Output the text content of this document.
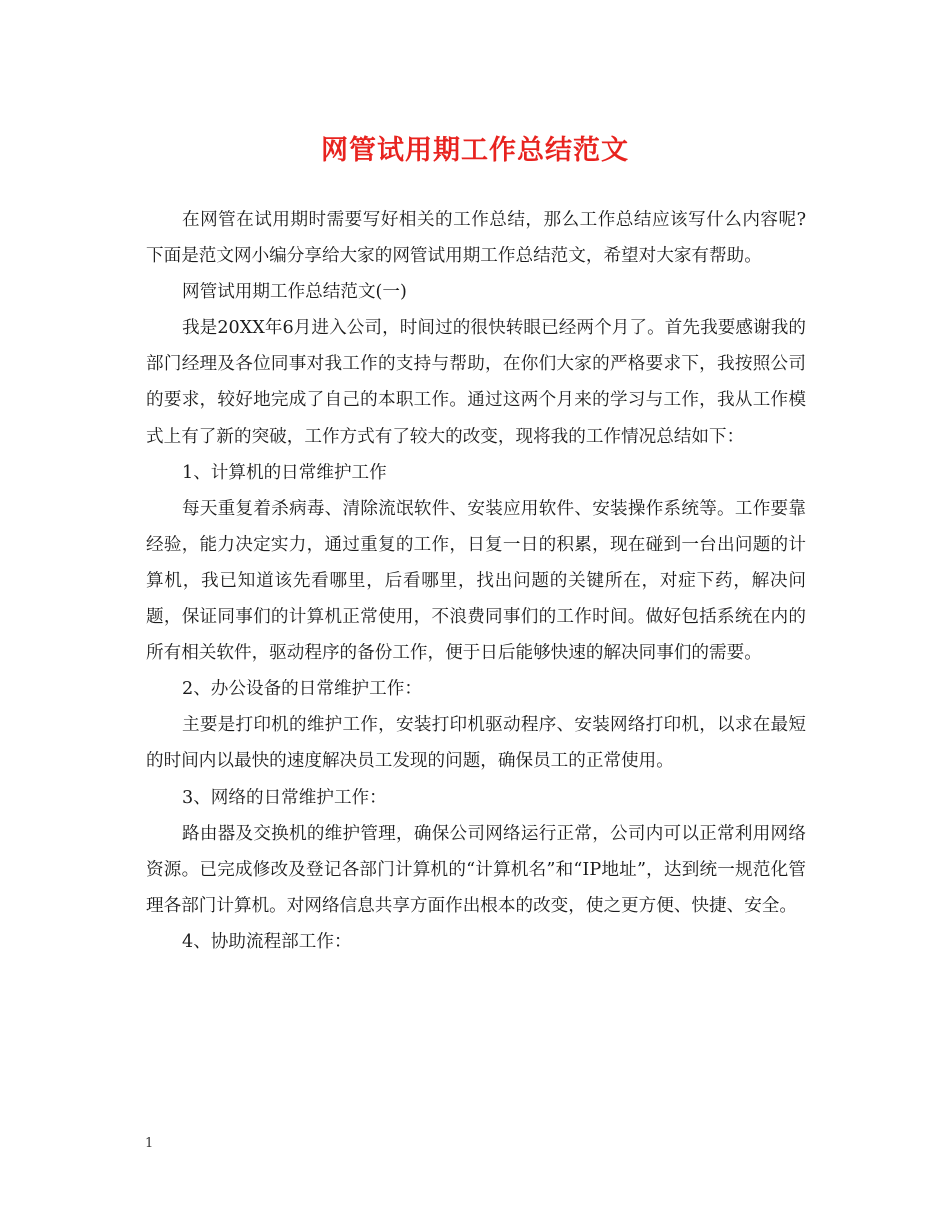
网管试用期工作总结范文

在网管在试用期时需要写好相关的工作总结，那么工作总结应该写什么内容呢?下面是范文网小编分享给大家的网管试用期工作总结范文，希望对大家有帮助。

网管试用期工作总结范文(一)

我是20XX年6月进入公司，时间过的很快转眼已经两个月了。首先我要感谢我的部门经理及各位同事对我工作的支持与帮助，在你们大家的严格要求下，我按照公司的要求，较好地完成了自己的本职工作。通过这两个月来的学习与工作，我从工作模式上有了新的突破，工作方式有了较大的改变，现将我的工作情况总结如下：

1、计算机的日常维护工作

每天重复着杀病毒、清除流氓软件、安装应用软件、安装操作系统等。工作要靠经验，能力决定实力，通过重复的工作，日复一日的积累，现在碰到一台出问题的计算机，我已知道该先看哪里，后看哪里，找出问题的关键所在，对症下药，解决问题，保证同事们的计算机正常使用，不浪费同事们的工作时间。做好包括系统在内的所有相关软件，驱动程序的备份工作，便于日后能够快速的解决同事们的需要。

2、办公设备的日常维护工作：

主要是打印机的维护工作，安装打印机驱动程序、安装网络打印机，以求在最短的时间内以最快的速度解决员工发现的问题，确保员工的正常使用。

3、网络的日常维护工作：

路由器及交换机的维护管理，确保公司网络运行正常，公司内可以正常利用网络资源。已完成修改及登记各部门计算机的“计算机名”和“IP地址”，达到统一规范化管理各部门计算机。对网络信息共享方面作出根本的改变，使之更方便、快捷、安全。

4、协助流程部工作：

1
